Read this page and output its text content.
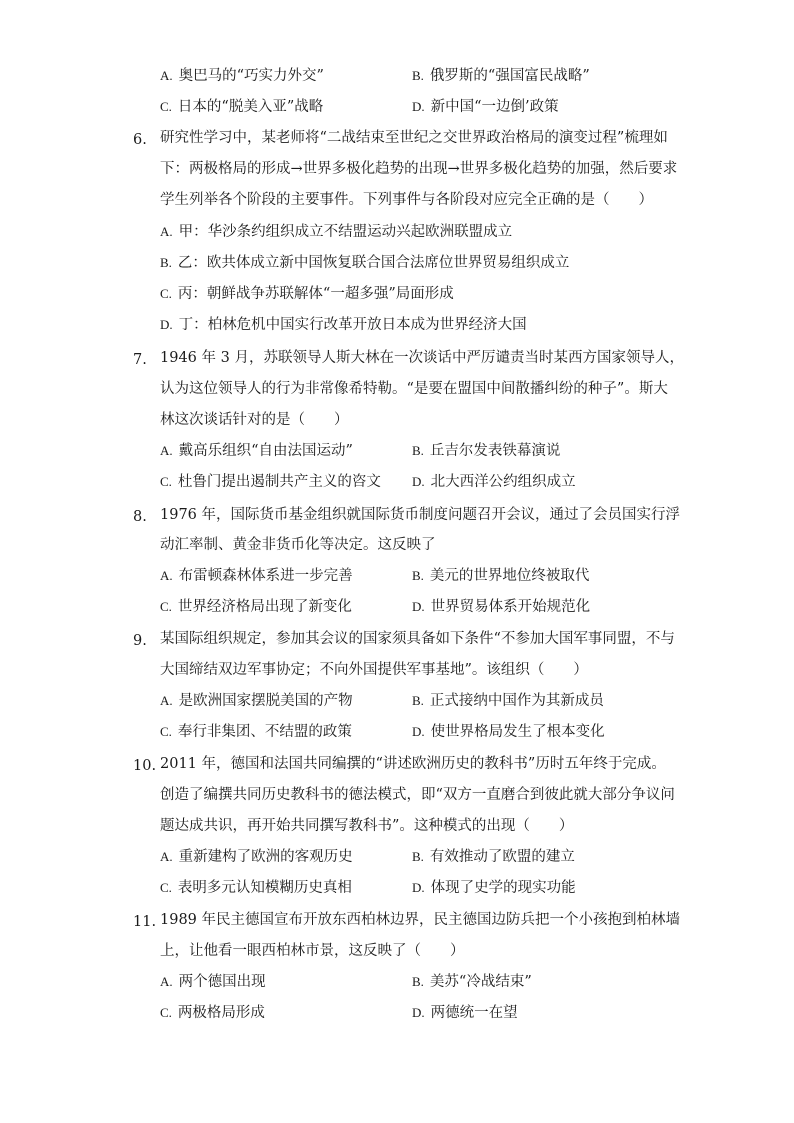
A. 奥巴马的“巧实力外交”	B. 俄罗斯的“强国富民战略”
C. 日本的“脱美入亚”战略	D. 新中国“一边倒’政策
6. 研究性学习中，某老师将“二战结束至世纪之交世界政治格局的演变过程”梳理如
下：两极格局的形成→世界多极化趋势的出现→世界多极化趋势的加强，然后要求
学生列举各个阶段的主要事件。下列事件与各阶段对应完全正确的是（　　）
A. 甲：华沙条约组织成立不结盟运动兴起欧洲联盟成立
B. 乙：欧共体成立新中国恢复联合国合法席位世界贸易组织成立
C. 丙：朝鲜战争苏联解体“一超多强”局面形成
D. 丁：柏林危机中国实行改革开放日本成为世界经济大国
7. 1946 年 3 月，苏联领导人斯大林在一次谈话中严厉谴责当时某西方国家领导人，
认为这位领导人的行为非常像希特勒。“是要在盟国中间散播纠纷的种子”。斯大
林这次谈话针对的是（　　）
A. 戴高乐组织“自由法国运动”	B. 丘吉尔发表铁幕演说
C. 杜鲁门提出遏制共产主义的咨文 D. 北大西洋公约组织成立
8. 1976 年，国际货币基金组织就国际货币制度问题召开会议，通过了会员国实行浮
动汇率制、黄金非货币化等决定。这反映了
A. 布雷顿森林体系进一步完善	B. 美元的世界地位终被取代
C. 世界经济格局出现了新变化	D. 世界贸易体系开始规范化
9. 某国际组织规定，参加其会议的国家须具备如下条件“不参加大国军事同盟，不与
大国缔结双边军事协定；不向外国提供军事基地”。该组织（　　）
A. 是欧洲国家摆脱美国的产物	B. 正式接纳中国作为其新成员
C. 奉行非集团、不结盟的政策	D. 使世界格局发生了根本变化
10. 2011 年，德国和法国共同编撰的“讲述欧洲历史的教科书”历时五年终于完成。
创造了编撰共同历史教科书的德法模式，即“双方一直磨合到彼此就大部分争议问
题达成共识，再开始共同撰写教科书”。这种模式的出现（　　）
A. 重新建构了欧洲的客观历史	B. 有效推动了欧盟的建立
C. 表明多元认知模糊历史真相	D. 体现了史学的现实功能
11. 1989 年民主德国宣布开放东西柏林边界，民主德国边防兵把一个小孩抱到柏林墙
上，让他看一眼西柏林市景，这反映了（　　）
A. 两个德国出现	B. 美苏“冷战结束”
C. 两极格局形成	D. 两德统一在望
